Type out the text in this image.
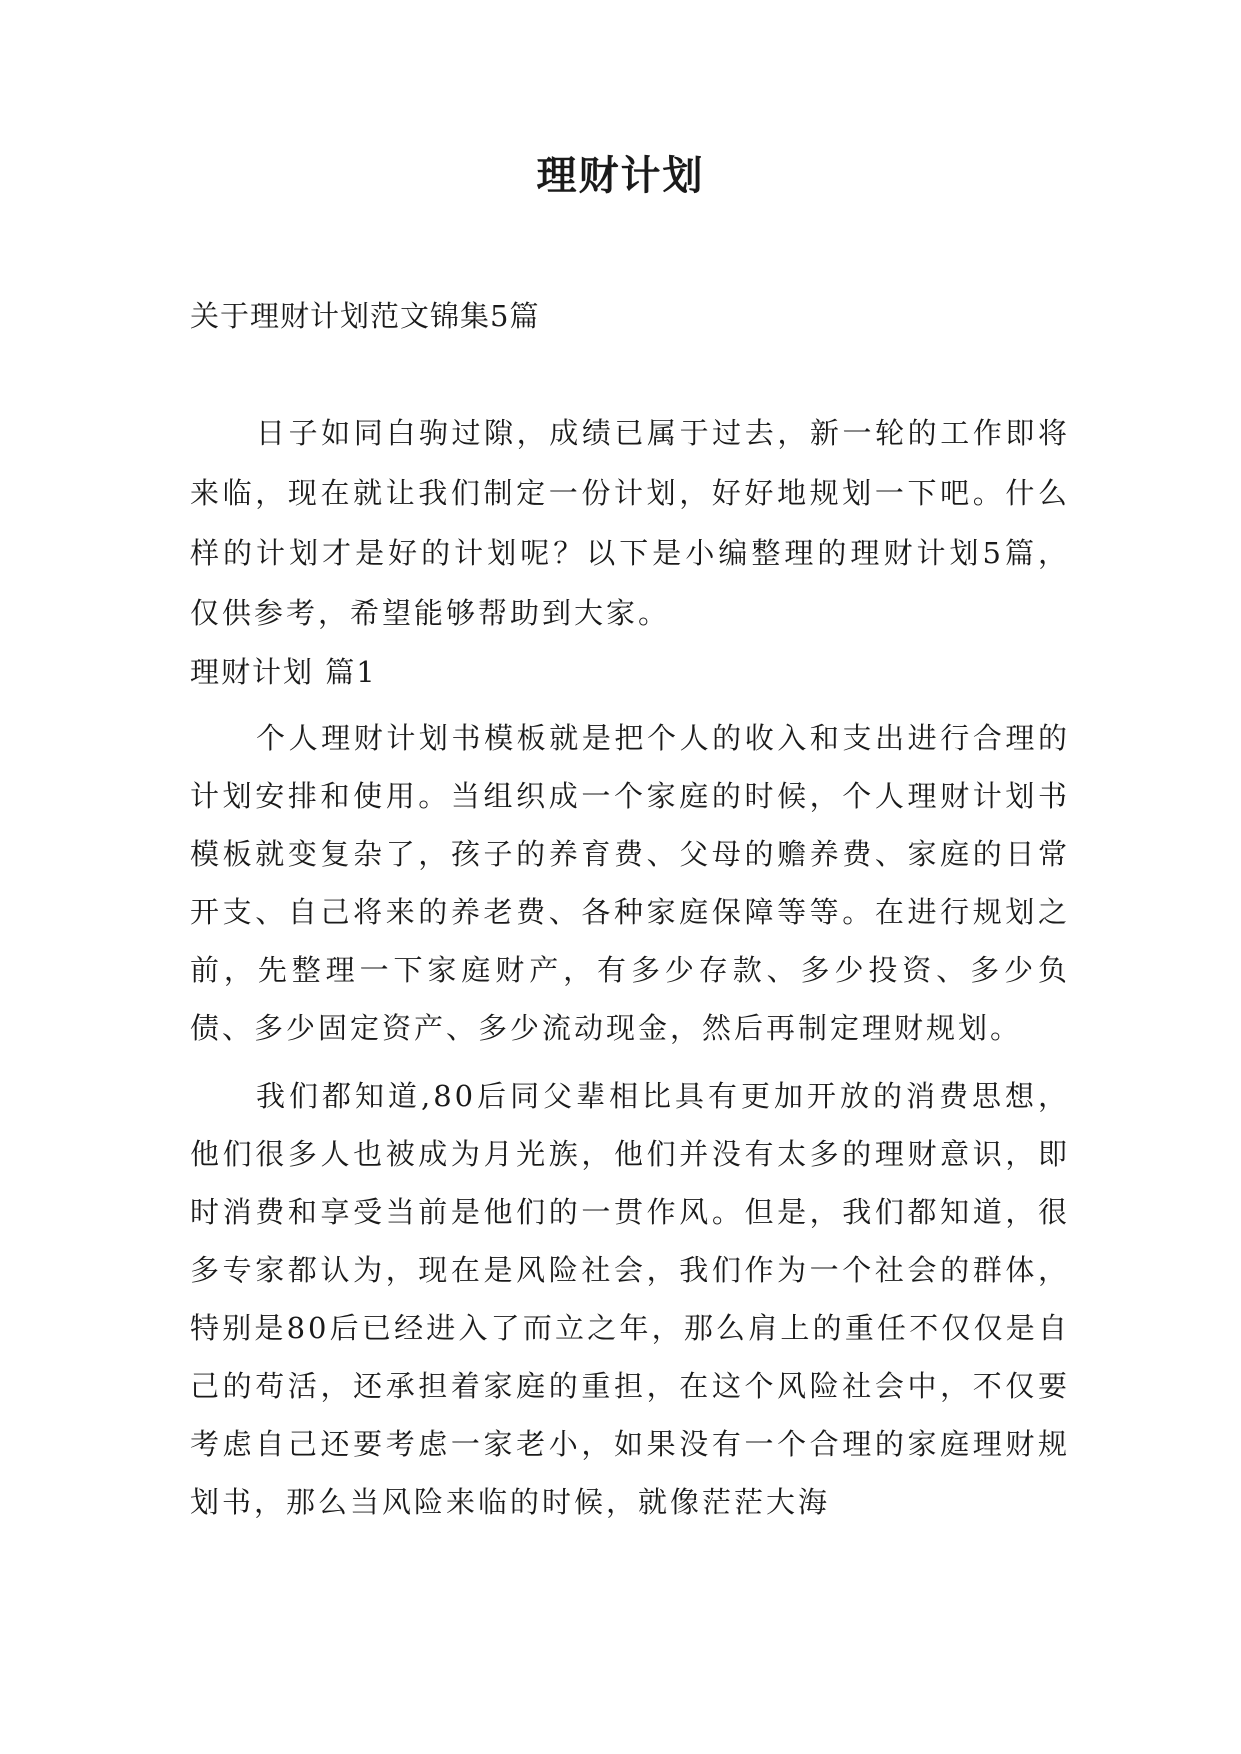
理财计划
关于理财计划范文锦集5篇

日子如同白驹过隙，成绩已属于过去，新一轮的工作即将来临，现在就让我们制定一份计划，好好地规划一下吧。什么样的计划才是好的计划呢？以下是小编整理的理财计划5篇，仅供参考，希望能够帮助到大家。

理财计划 篇1

个人理财计划书模板就是把个人的收入和支出进行合理的计划安排和使用。当组织成一个家庭的时候，个人理财计划书模板就变复杂了，孩子的养育费、父母的赡养费、家庭的日常开支、自己将来的养老费、各种家庭保障等等。在进行规划之前，先整理一下家庭财产，有多少存款、多少投资、多少负债、多少固定资产、多少流动现金，然后再制定理财规划。

我们都知道,80后同父辈相比具有更加开放的消费思想，他们很多人也被成为月光族，他们并没有太多的理财意识，即时消费和享受当前是他们的一贯作风。但是，我们都知道，很多专家都认为，现在是风险社会，我们作为一个社会的群体，特别是80后已经进入了而立之年，那么肩上的重任不仅仅是自己的苟活，还承担着家庭的重担，在这个风险社会中，不仅要考虑自己还要考虑一家老小，如果没有一个合理的家庭理财规划书，那么当风险来临的时候，就像茫茫大海
